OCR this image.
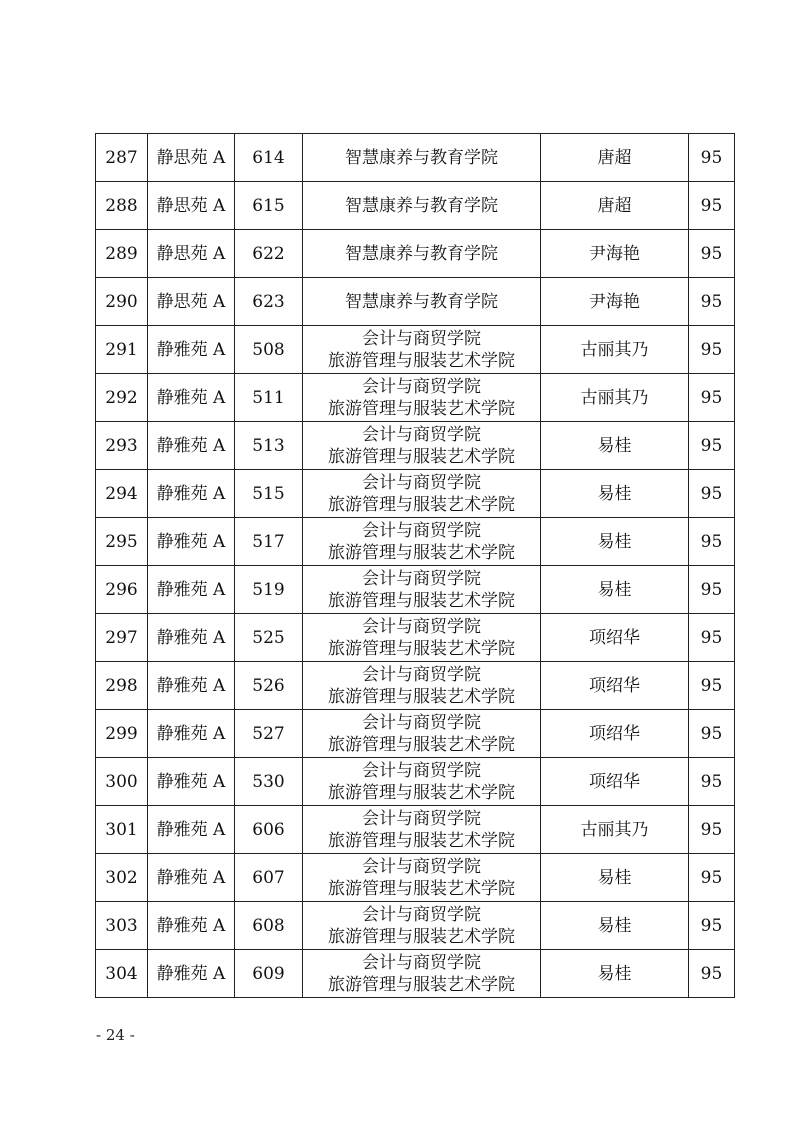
287	静思苑 A	614	智慧康养与教育学院	唐超	95
288	静思苑 A	615	智慧康养与教育学院	唐超	95
289	静思苑 A	622	智慧康养与教育学院	尹海艳	95
290	静思苑 A	623	智慧康养与教育学院	尹海艳	95
291	静雅苑 A	508	会计与商贸学院
旅游管理与服装艺术学院	古丽其乃	95
292	静雅苑 A	511	会计与商贸学院
旅游管理与服装艺术学院	古丽其乃	95
293	静雅苑 A	513	会计与商贸学院
旅游管理与服装艺术学院	易桂	95
294	静雅苑 A	515	会计与商贸学院
旅游管理与服装艺术学院	易桂	95
295	静雅苑 A	517	会计与商贸学院
旅游管理与服装艺术学院	易桂	95
296	静雅苑 A	519	会计与商贸学院
旅游管理与服装艺术学院	易桂	95
297	静雅苑 A	525	会计与商贸学院
旅游管理与服装艺术学院	项绍华	95
298	静雅苑 A	526	会计与商贸学院
旅游管理与服装艺术学院	项绍华	95
299	静雅苑 A	527	会计与商贸学院
旅游管理与服装艺术学院	项绍华	95
300	静雅苑 A	530	会计与商贸学院
旅游管理与服装艺术学院	项绍华	95
301	静雅苑 A	606	会计与商贸学院
旅游管理与服装艺术学院	古丽其乃	95
302	静雅苑 A	607	会计与商贸学院
旅游管理与服装艺术学院	易桂	95
303	静雅苑 A	608	会计与商贸学院
旅游管理与服装艺术学院	易桂	95
304	静雅苑 A	609	会计与商贸学院
旅游管理与服装艺术学院	易桂	95
- 24 -
